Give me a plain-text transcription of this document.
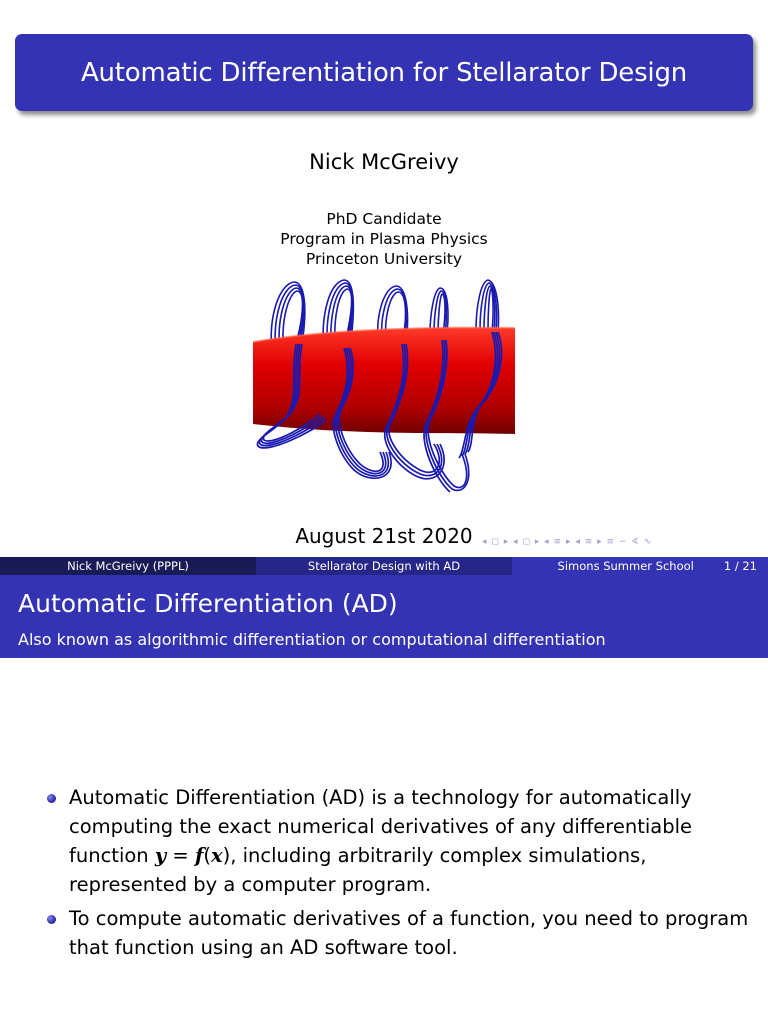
Automatic Differentiation for Stellarator Design
Nick McGreivy
PhD Candidate
Program in Plasma Physics
Princeton University
August 21st 2020	◂ ◻ ▸ ◂ ◻ ▸ ◂ ≡ ▸ ◂ ≡ ▸ ≡ ∽ ∢ ∿
Nick McGreivy (PPPL)	Stellarator Design with AD	Simons Summer School	1 / 21
Automatic Differentiation (AD)
Also known as algorithmic differentiation or computational differentiation
Automatic Differentiation (AD) is a technology for automatically
computing the exact numerical derivatives of any differentiable
function y = f(x), including arbitrarily complex simulations,
represented by a computer program.
To compute automatic derivatives of a function, you need to program
that function using an AD software tool.
